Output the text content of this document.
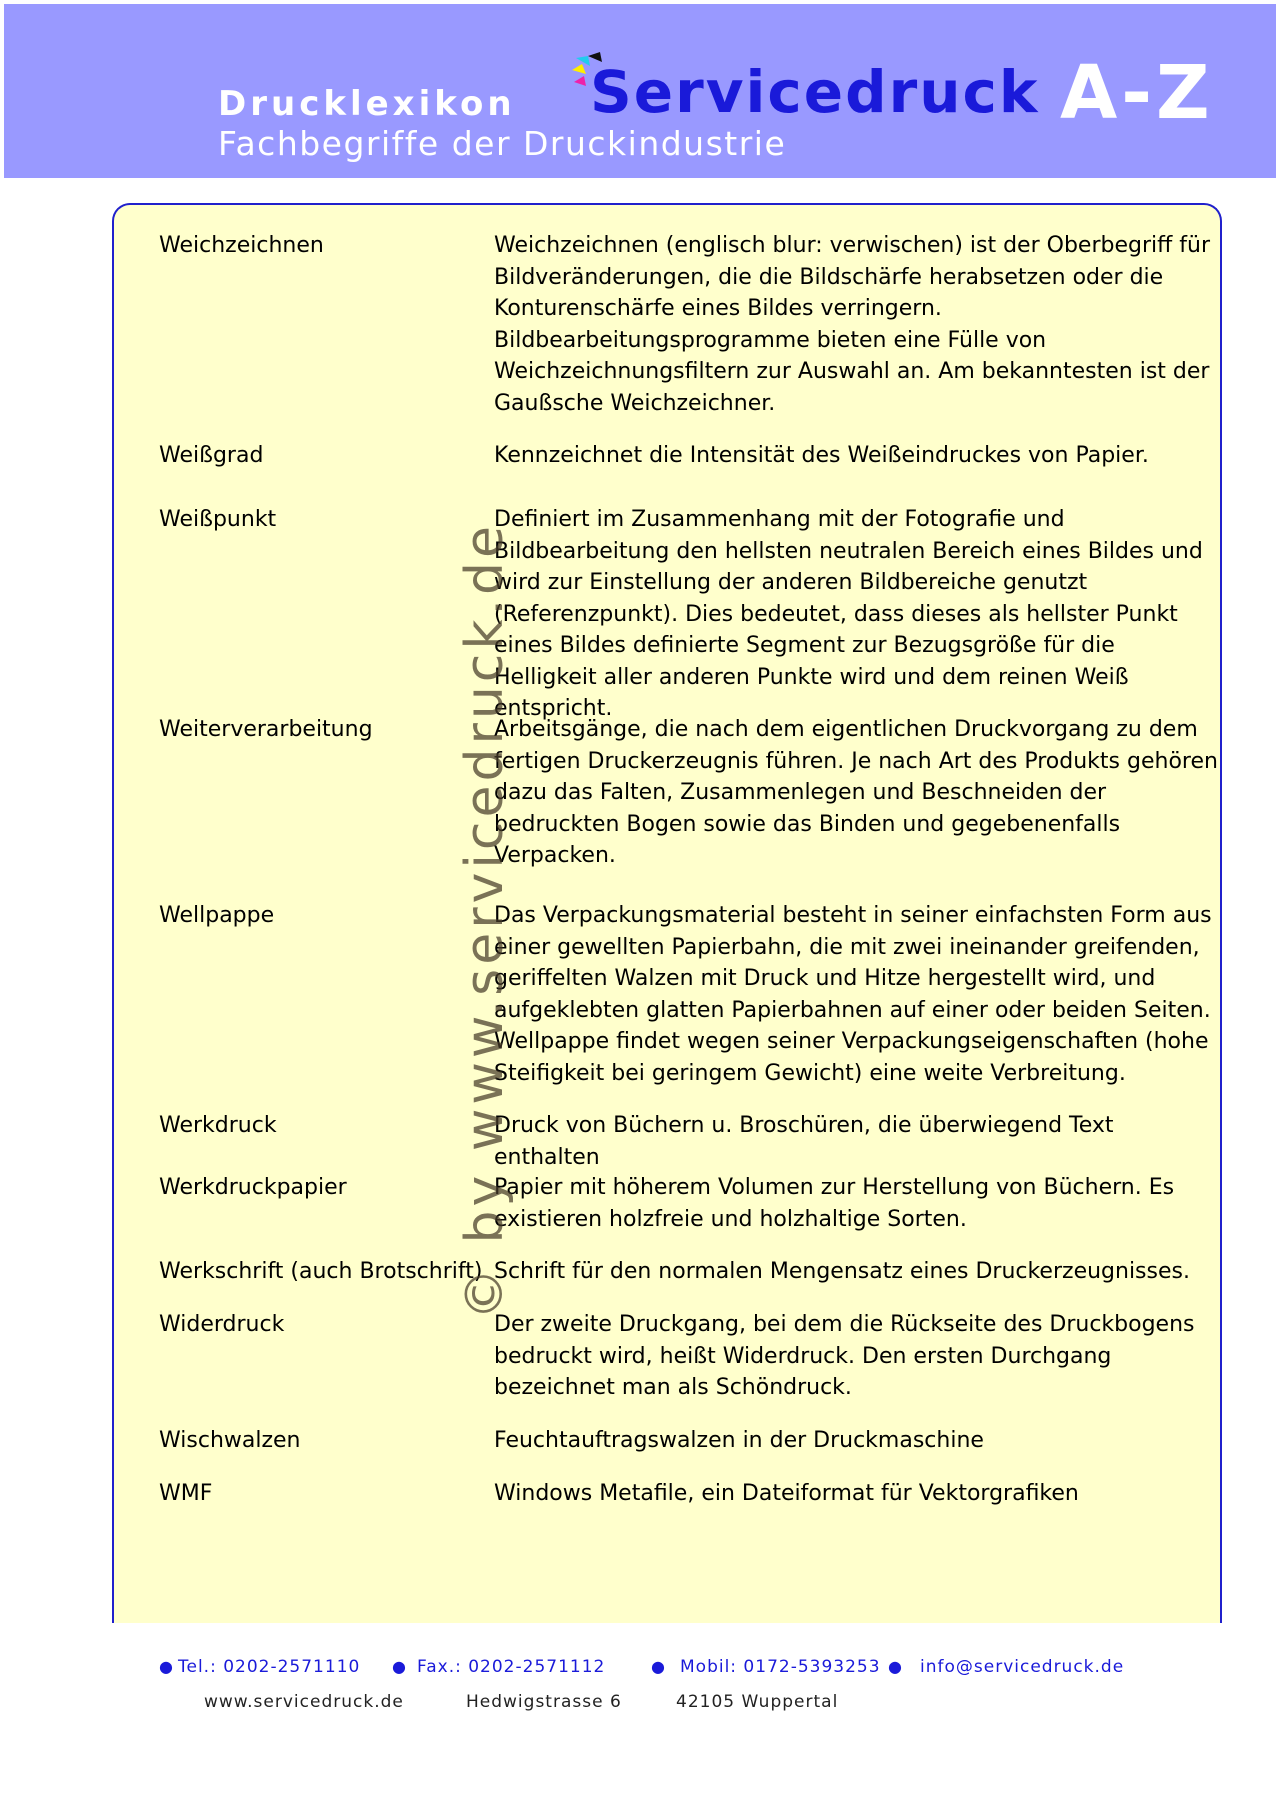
Drucklexikon
Fachbegriffe der Druckindustrie
Servicedruck A-Z
© by www.servicedruck.de
Weichzeichnen	Weichzeichnen (englisch blur: verwischen) ist der Oberbegriff für Bildveränderungen, die die Bildschärfe herabsetzen oder die Konturenschärfe eines Bildes verringern. Bildbearbeitungsprogramme bieten eine Fülle von Weichzeichnungsfiltern zur Auswahl an. Am bekanntesten ist der Gaußsche Weichzeichner.
Weißgrad	Kennzeichnet die Intensität des Weißeindruckes von Papier.
Weißpunkt	Definiert im Zusammenhang mit der Fotografie und Bildbearbeitung den hellsten neutralen Bereich eines Bildes und wird zur Einstellung der anderen Bildbereiche genutzt (Referenzpunkt). Dies bedeutet, dass dieses als hellster Punkt eines Bildes definierte Segment zur Bezugsgröße für die Helligkeit aller anderen Punkte wird und dem reinen Weiß entspricht.
Weiterverarbeitung	Arbeitsgänge, die nach dem eigentlichen Druckvorgang zu dem fertigen Druckerzeugnis führen. Je nach Art des Produkts gehören dazu das Falten, Zusammenlegen und Beschneiden der bedruckten Bogen sowie das Binden und gegebenenfalls Verpacken.
Wellpappe	Das Verpackungsmaterial besteht in seiner einfachsten Form aus einer gewellten Papierbahn, die mit zwei ineinander greifenden, geriffelten Walzen mit Druck und Hitze hergestellt wird, und aufgeklebten glatten Papierbahnen auf einer oder beiden Seiten. Wellpappe findet wegen seiner Verpackungseigenschaften (hohe Steifigkeit bei geringem Gewicht) eine weite Verbreitung.
Werkdruck	Druck von Büchern u. Broschüren, die überwiegend Text enthalten
Werkdruckpapier	Papier mit höherem Volumen zur Herstellung von Büchern. Es existieren holzfreie und holzhaltige Sorten.
Werkschrift (auch Brotschrift) Schrift für den normalen Mengensatz eines Druckerzeugnisses.
Widerdruck	Der zweite Druckgang, bei dem die Rückseite des Druckbogens bedruckt wird, heißt Widerdruck. Den ersten Durchgang bezeichnet man als Schöndruck.
Wischwalzen	Feuchtauftragswalzen in der Druckmaschine
WMF	Windows Metafile, ein Dateiformat für Vektorgrafiken
● Tel.: 0202-2571110 ● Fax.: 0202-2571112	● Mobil: 0172-5393253 ● info@servicedruck.de
www.servicedruck.de	Hedwigstrasse 6	42105 Wuppertal
